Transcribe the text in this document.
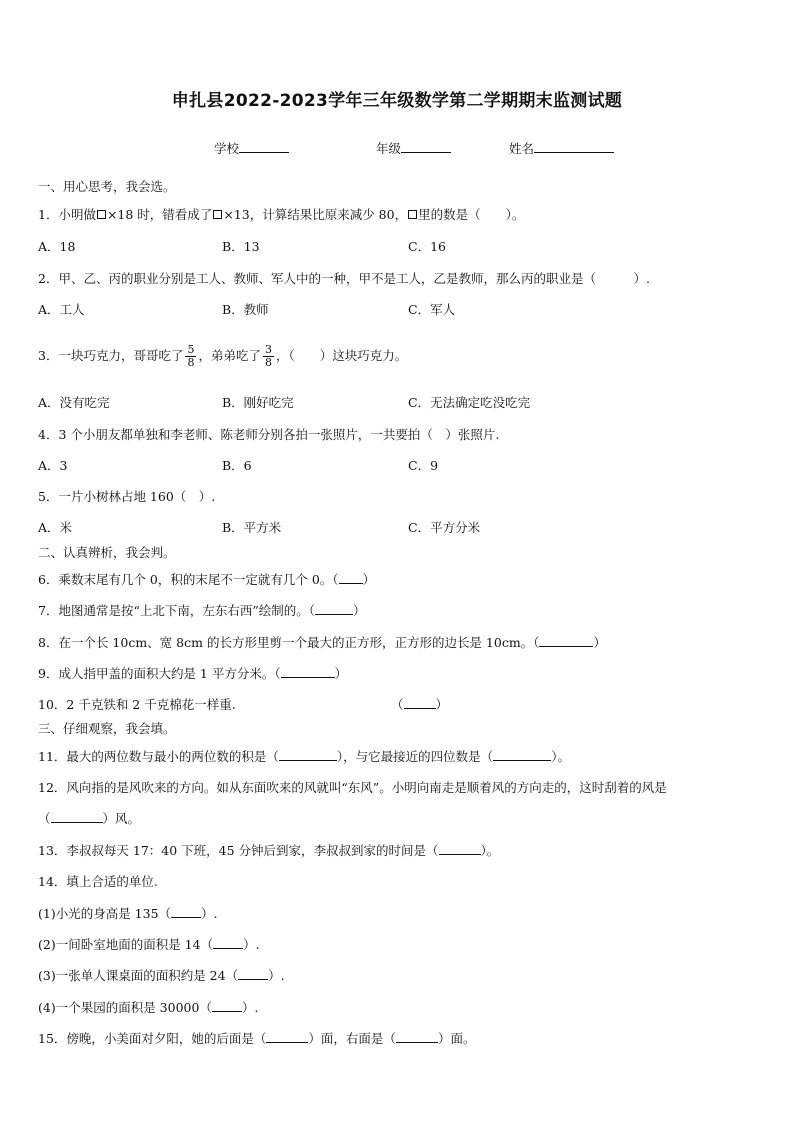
申扎县2022-2023学年三年级数学第二学期期末监测试题
学校	年级	姓名
一、用心思考，我会选。
1．小明做 ×18 时，错看成了 ×13，计算结果比原来减少 80， 里的数是（　　）。
A．18	B．13	C．16
2．甲、乙、丙的职业分别是工人、教师、军人中的一种，甲不是工人，乙是教师，那么丙的职业是（　　　）.
A．工人	B．教师	C．军人
3．一块巧克力，哥哥吃了 $\frac{5}{8}$ ，弟弟吃了 $\frac{3}{8}$ ，（　　）这块巧克力。
A．没有吃完	B．刚好吃完	C．无法确定吃没吃完
4．3 个小朋友都单独和李老师、陈老师分别各拍一张照片，一共要拍（　）张照片.
A．3	B．6	C．9
5．一片小树林占地 160（　）.
A．米	B．平方米	C．平方分米
二、认真辨析，我会判。
6．乘数末尾有几个 0，积的末尾不一定就有几个 0。（ ）
7．地图通常是按“上北下南，左东右西”绘制的。（	）
8．在一个长 10cm、宽 8cm 的长方形里剪一个最大的正方形，正方形的边长是 10cm。（	）
9．成人指甲盖的面积大约是 1 平方分米。（	）
10．2 千克铁和 2 千克棉花一样重.	（	）
三、仔细观察，我会填。
11．最大的两位数与最小的两位数的积是（	），与它最接近的四位数是（	）。
12．风向指的是风吹来的方向。如从东面吹来的风就叫“东风”。小明向南走是顺着风的方向走的，这时刮着的风是
（	）风。
13．李叔叔每天 17：40 下班，45 分钟后到家，李叔叔到家的时间是（	）。
14．填上合适的单位.
(1)小光的身高是 135（ ）.
(2)一间卧室地面的面积是 14（ ）.
(3)一张单人课桌面的面积约是 24（ ）.
(4)一个果园的面积是 30000（ ）.
15．傍晚，小美面对夕阳，她的后面是（	）面，右面是（	）面。
